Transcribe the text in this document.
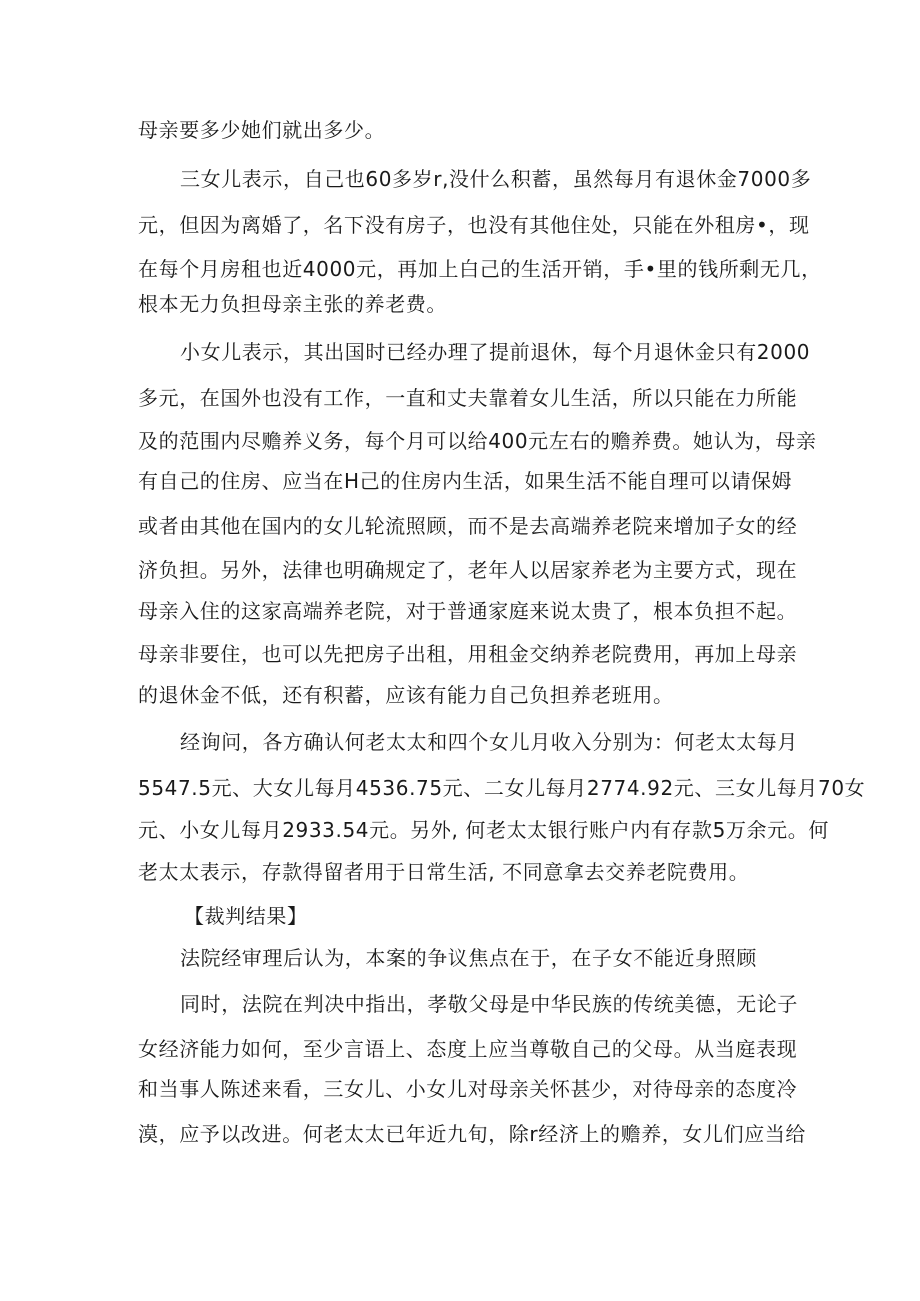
母亲要多少她们就出多少。
三女儿表示，自己也60多岁r,没什么积蓄，虽然每月有退休金7000多
元，但因为离婚了，名下没有房子，也没有其他住处，只能在外租房•，现
在每个月房租也近4000元，再加上白己的生活开销，手•里的钱所剩无几，
根本无力负担母亲主张的养老费。
小女儿表示，其出国时已经办理了提前退休，每个月退休金只有2000
多元，在国外也没有工作，一直和丈夫靠着女儿生活，所以只能在力所能
及的范围内尽赡养义务，每个月可以给400元左右的赡养费。她认为，母亲
有自己的住房、应当在H己的住房内生活，如果生活不能自理可以请保姆
或者由其他在国内的女儿轮流照顾，而不是去高端养老院来增加子女的经
济负担。另外，法律也明确规定了，老年人以居家养老为主要方式，现在
母亲入住的这家高端养老院，对于普通家庭来说太贵了，根本负担不起。
母亲非要住，也可以先把房子出租，用租金交纳养老院费用，再加上母亲
的退休金不低，还有积蓄，应该有能力自己负担养老班用。
经询问，各方确认何老太太和四个女儿月收入分别为：何老太太每月
5547.5元、大女儿每月4536.75元、二女儿每月2774.92元、三女儿每月70女
元、小女儿每月2933.54元。另外, 何老太太银行账户内有存款5万余元。何
老太太表示，存款得留者用于日常生活, 不同意拿去交养老院费用。
【裁判结果】
法院经审理后认为，本案的争议焦点在于，在子女不能近身照顾
同时，法院在判决中指出，孝敬父母是中华民族的传统美德，无论子
女经济能力如何，至少言语上、态度上应当尊敬自己的父母。从当庭表现
和当事人陈述来看，三女儿、小女儿对母亲关怀甚少，对待母亲的态度冷
漠，应予以改进。何老太太已年近九旬，除r经济上的赡养，女儿们应当给
